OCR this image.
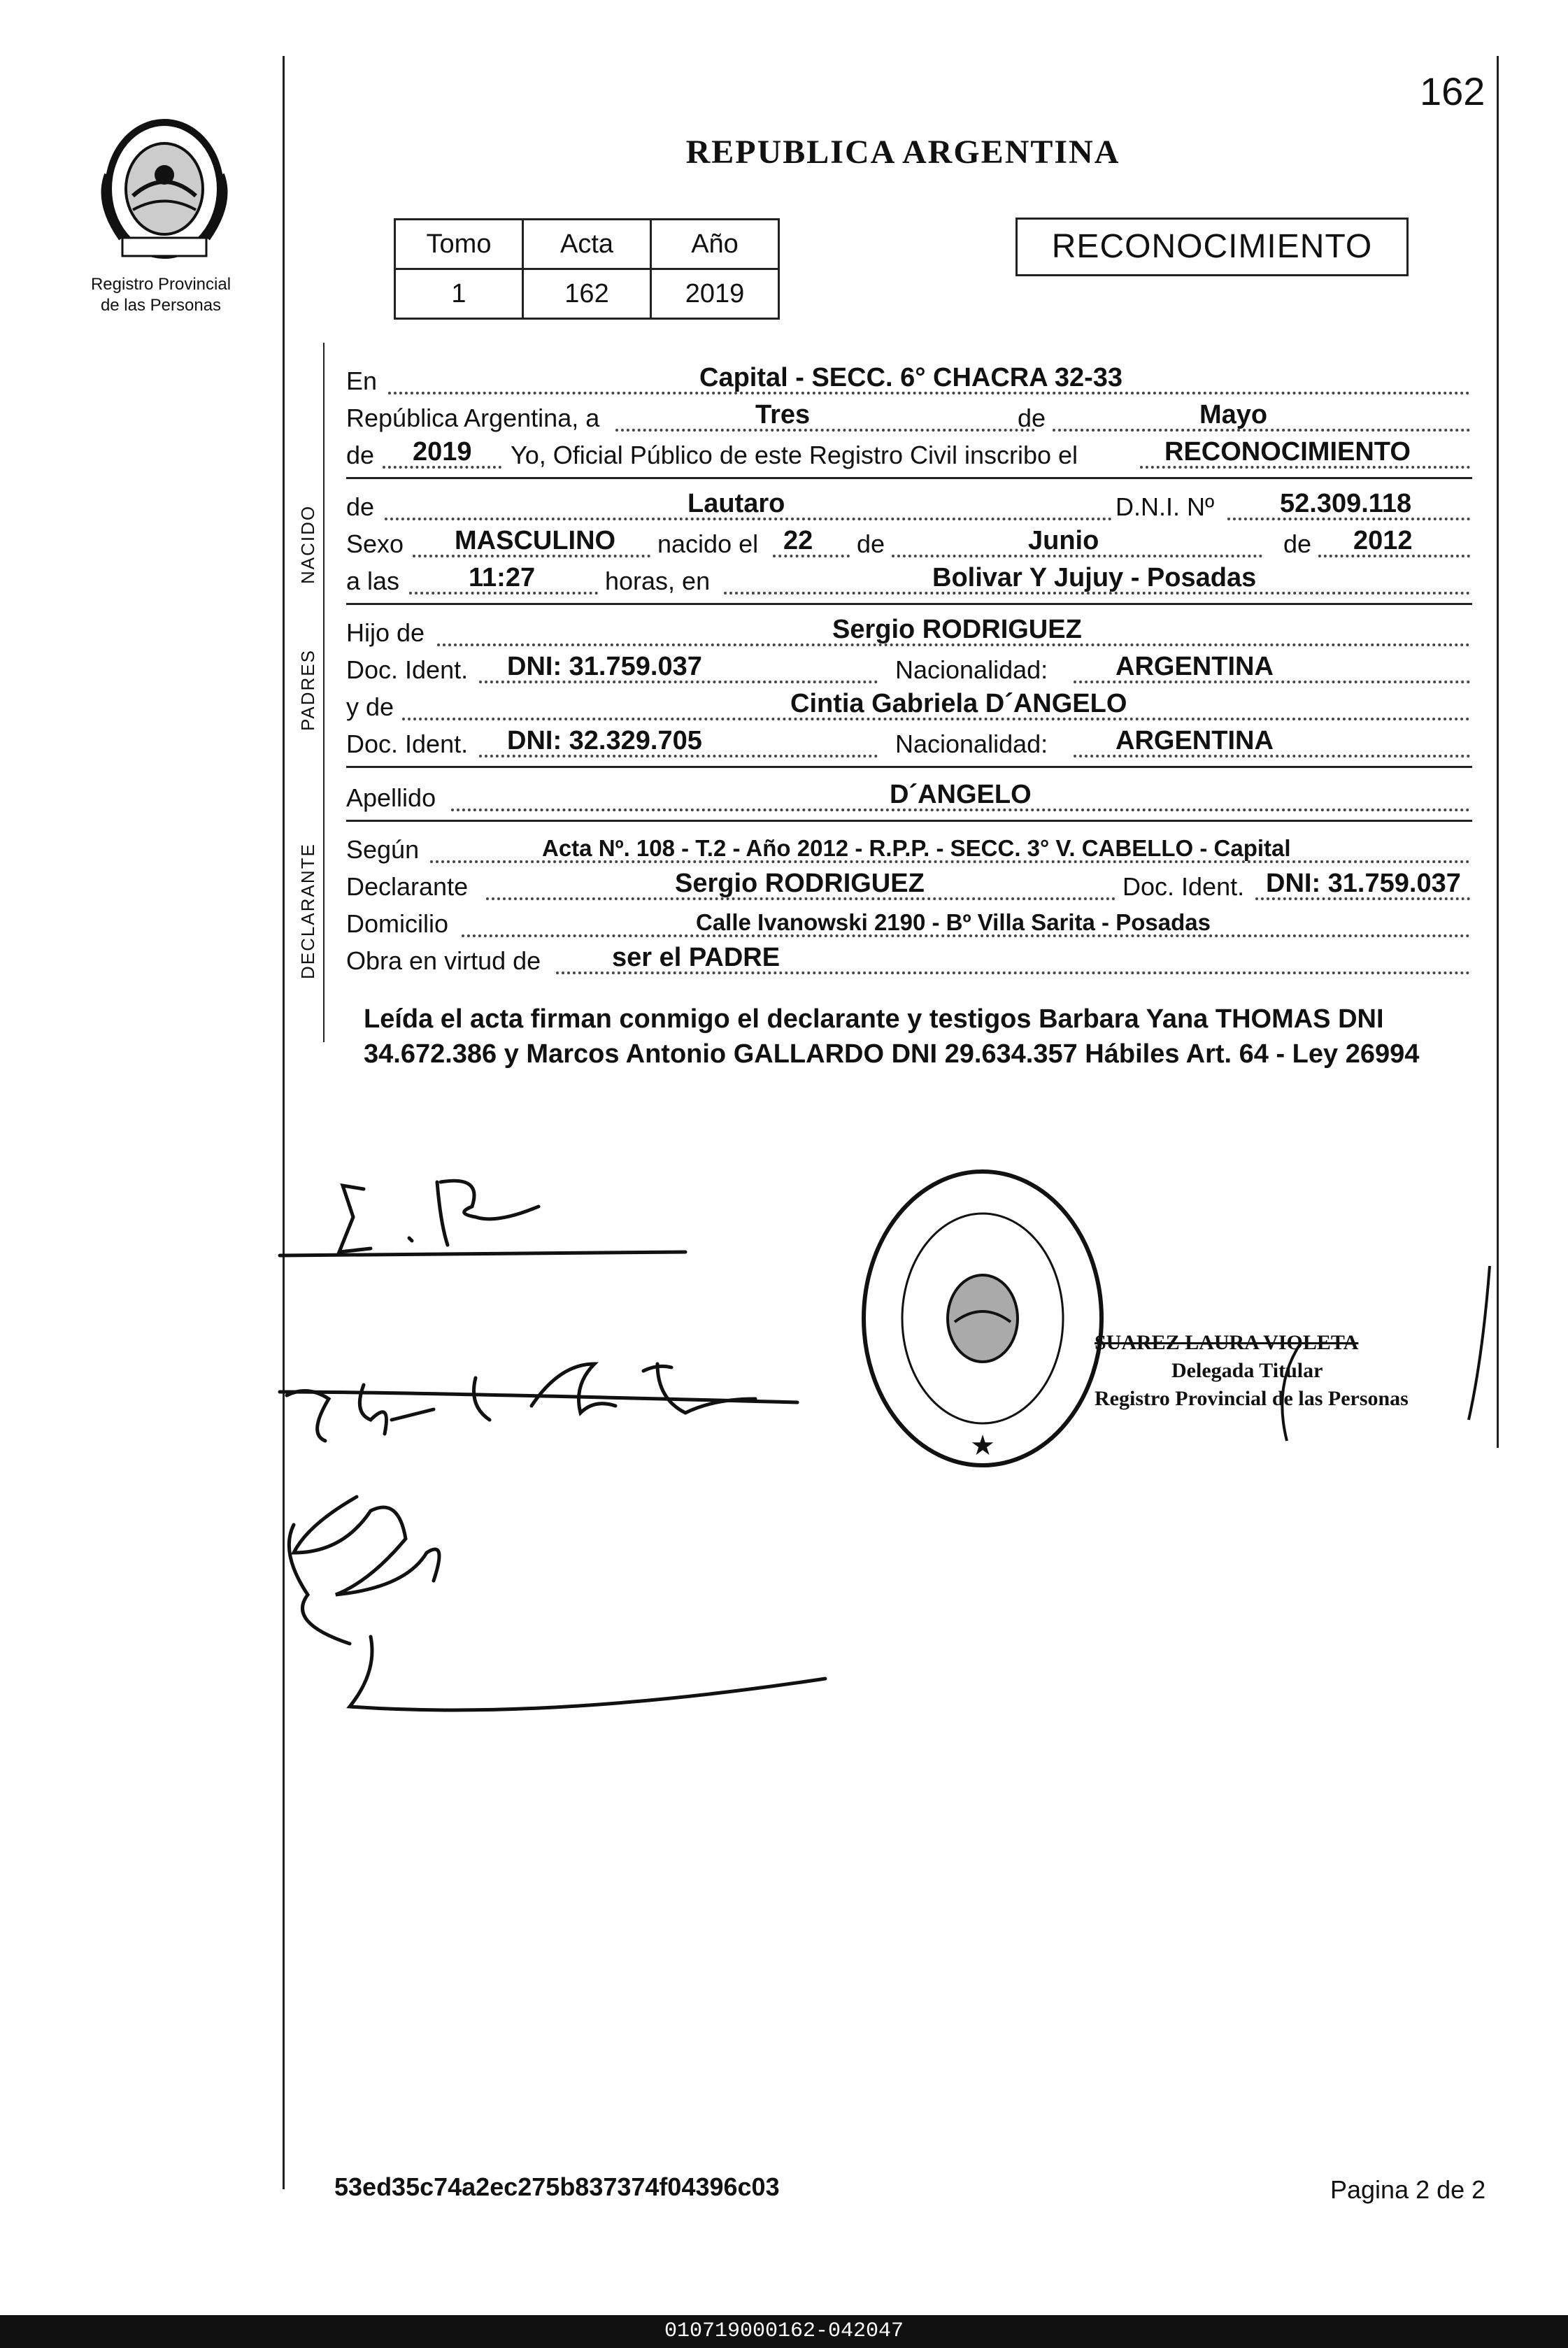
162
Registro Provincial
de las Personas
REPUBLICA ARGENTINA
Tomo	Acta	Año
1	162	2019
RECONOCIMIENTO
NACIDO
PADRES
DECLARANTE
En	Capital - SECC. 6° CHACRA 32-33
República Argentina, a	Tres	de	Mayo
de 2019 Yo, Oficial Público de este Registro Civil inscribo el	RECONOCIMIENTO
de	Lautaro	D.N.I. Nº 52.309.118
Sexo MASCULINO nacido el 22 de	Junio	de 2012
a las	11:27	horas, en	Bolivar Y Jujuy - Posadas
Hijo de	Sergio RODRIGUEZ
Doc. Ident. DNI: 31.759.037	Nacionalidad:	ARGENTINA
y de	Cintia Gabriela D´ANGELO
Doc. Ident. DNI: 32.329.705	Nacionalidad:	ARGENTINA
Apellido	D´ANGELO
Según	Acta Nº. 108 - T.2 - Año 2012 - R.P.P. - SECC. 3° V. CABELLO - Capital
Declarante	Sergio RODRIGUEZ	Doc. Ident. DNI: 31.759.037
Domicilio	Calle Ivanowski 2190 - Bº Villa Sarita - Posadas
Obra en virtud de	ser el PADRE
Leída el acta firman conmigo el declarante y testigos Barbara Yana THOMAS DNI 34.672.386 y Marcos Antonio GALLARDO DNI 29.634.357 Hábiles Art. 64 - Ley 26994
★
SUAREZ LAURA VIOLETA
Delegada Titular
Registro Provincial de las Personas
53ed35c74a2ec275b837374f04396c03	Pagina 2 de 2
010719000162-042047
